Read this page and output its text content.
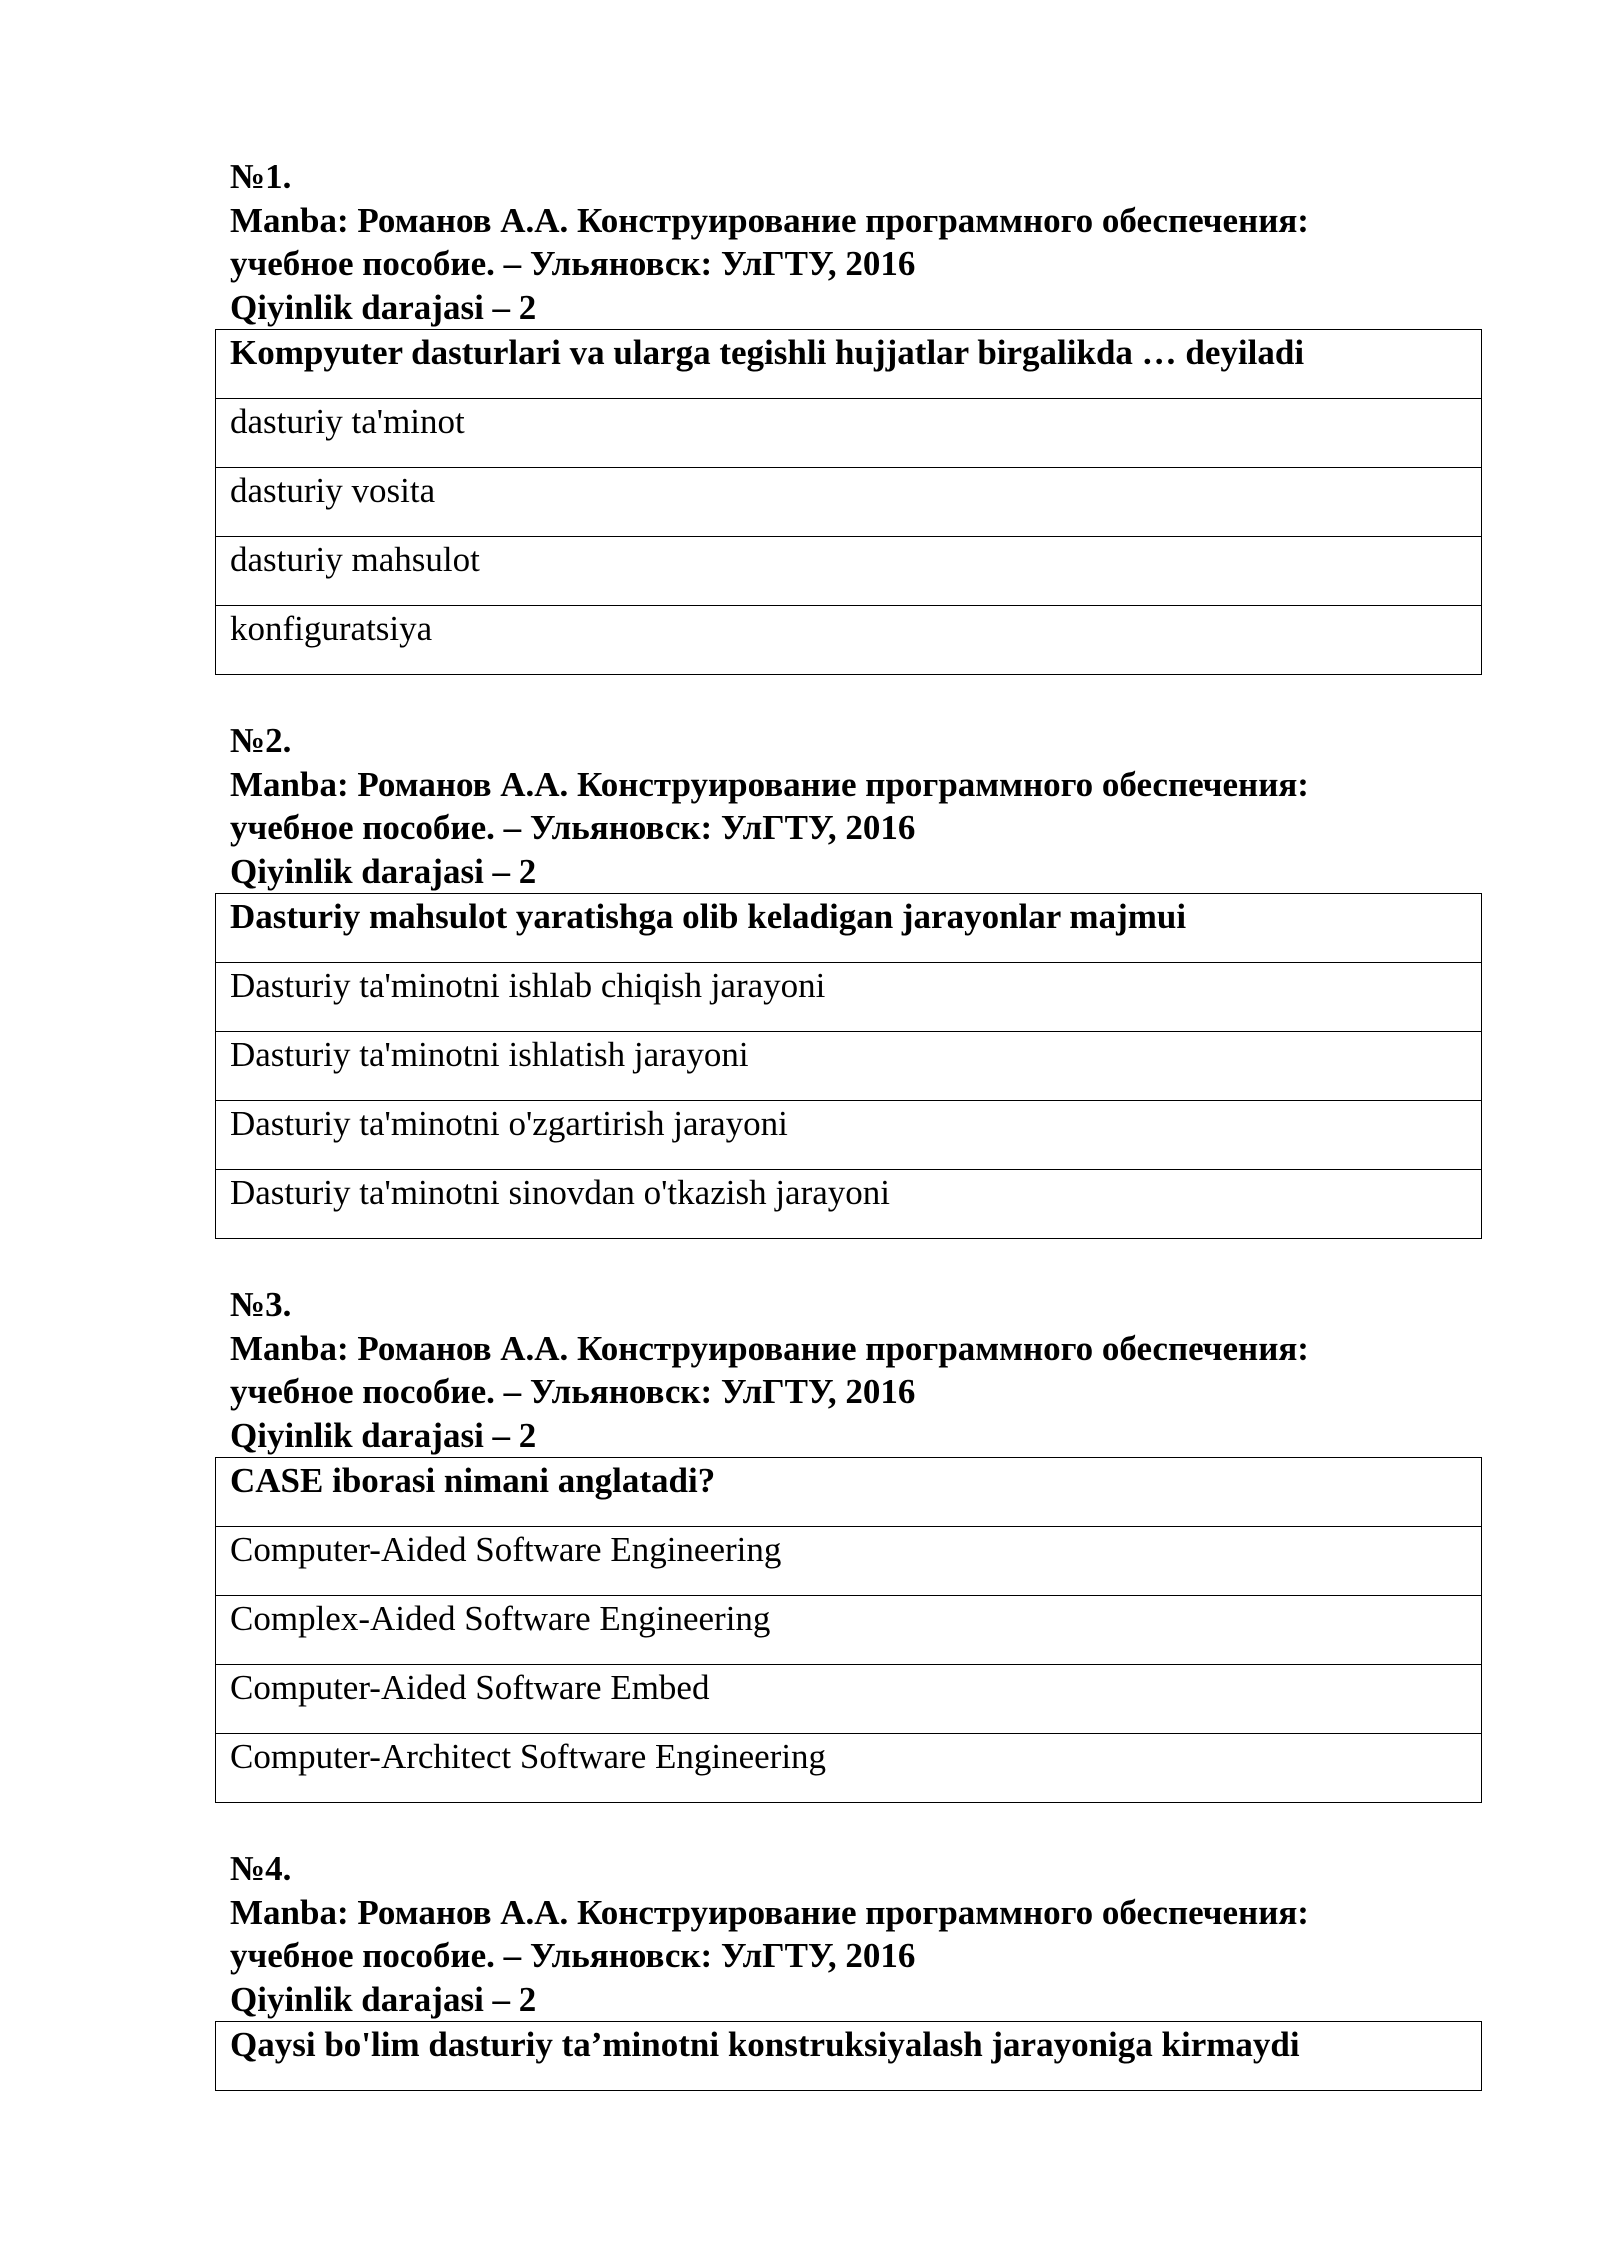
№1.
Manba: Романов А.А. Конструирование программного обеспечения:
учебное пособие. – Ульяновск: УлГТУ, 2016
Qiyinlik darajasi – 2
Kompyuter dasturlari va ularga tegishli hujjatlar birgalikda … deyiladi
dasturiy ta'minot
dasturiy vosita
dasturiy mahsulot
konfiguratsiya
№2.
Manba: Романов А.А. Конструирование программного обеспечения:
учебное пособие. – Ульяновск: УлГТУ, 2016
Qiyinlik darajasi – 2
Dasturiy mahsulot yaratishga olib keladigan jarayonlar majmui
Dasturiy ta'minotni ishlab chiqish jarayoni
Dasturiy ta'minotni ishlatish jarayoni
Dasturiy ta'minotni o'zgartirish jarayoni
Dasturiy ta'minotni sinovdan o'tkazish jarayoni
№3.
Manba: Романов А.А. Конструирование программного обеспечения:
учебное пособие. – Ульяновск: УлГТУ, 2016
Qiyinlik darajasi – 2
CASE iborasi nimani anglatadi?
Computer-Aided Software Engineering
Complex-Aided Software Engineering
Computer-Aided Software Embed
Computer-Architect Software Engineering
№4.
Manba: Романов А.А. Конструирование программного обеспечения:
учебное пособие. – Ульяновск: УлГТУ, 2016
Qiyinlik darajasi – 2
Qaysi bo'lim dasturiy ta’minotni konstruksiyalash jarayoniga kirmaydi
